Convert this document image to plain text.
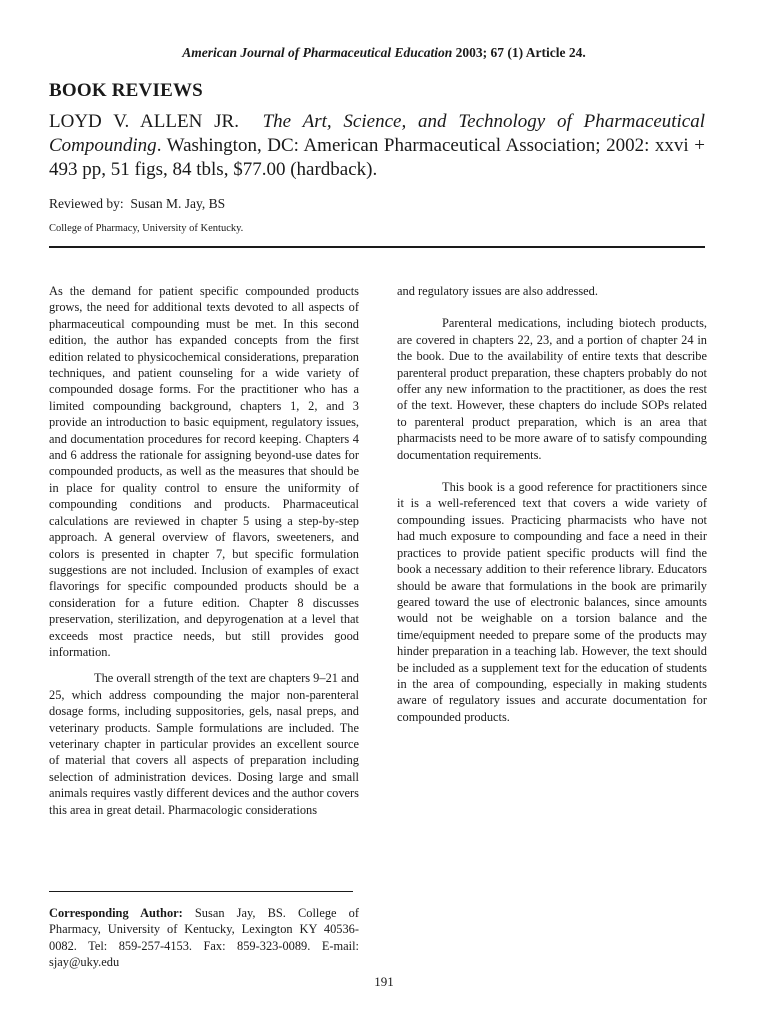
American Journal of Pharmaceutical Education 2003; 67 (1) Article 24.
BOOK REVIEWS
LOYD V. ALLEN JR. The Art, Science, and Technology of Pharmaceutical Compounding. Washington, DC: American Pharmaceutical Association; 2002: xxvi + 493 pp, 51 figs, 84 tbls, $77.00 (hardback).
Reviewed by: Susan M. Jay, BS
College of Pharmacy, University of Kentucky.

As the demand for patient specific compounded products grows, the need for additional texts devoted to all aspects of pharmaceutical compounding must be met. In this second edition, the author has expanded concepts from the first edition related to physicochemical considerations, preparation techniques, and patient counseling for a wide variety of compounded dosage forms. For the practitioner who has a limited compounding background, chapters 1, 2, and 3 provide an introduction to basic equipment, regulatory issues, and documentation procedures for record keeping. Chapters 4 and 6 address the rationale for assigning beyond-use dates for compounded products, as well as the measures that should be in place for quality control to ensure the uniformity of compounding conditions and products. Pharmaceutical calculations are reviewed in chapter 5 using a step-by-step approach. A general overview of flavors, sweeteners, and colors is presented in chapter 7, but specific formulation suggestions are not included. Inclusion of examples of exact flavorings for specific compounded products should be a consideration for a future edition. Chapter 8 discusses preservation, sterilization, and depyrogenation at a level that exceeds most practice needs, but still provides good information.

The overall strength of the text are chapters 9–21 and 25, which address compounding the major non-parenteral dosage forms, including suppositories, gels, nasal preps, and veterinary products. Sample formulations are included. The veterinary chapter in particular provides an excellent source of material that covers all aspects of preparation including selection of administration devices. Dosing large and small animals requires vastly different devices and the author covers this area in great detail. Pharmacologic considerations

and regulatory issues are also addressed.

Parenteral medications, including biotech products, are covered in chapters 22, 23, and a portion of chapter 24 in the book. Due to the availability of entire texts that describe parenteral product preparation, these chapters probably do not offer any new information to the practitioner, as does the rest of the text. However, these chapters do include SOPs related to parenteral product preparation, which is an area that pharmacists need to be more aware of to satisfy compounding documentation requirements.

This book is a good reference for practitioners since it is a well-referenced text that covers a wide variety of compounding issues. Practicing pharmacists who have not had much exposure to compounding and face a need in their practices to provide patient specific products will find the book a necessary addition to their reference library. Educators should be aware that formulations in the book are primarily geared toward the use of electronic balances, since amounts would not be weighable on a torsion balance and the time/equipment needed to prepare some of the products may hinder preparation in a teaching lab. However, the text should be included as a supplement text for the education of students in the area of compounding, especially in making students aware of regulatory issues and accurate documentation for compounded products.

Corresponding Author: Susan Jay, BS. College of Pharmacy, University of Kentucky, Lexington KY 40536-0082. Tel: 859-257-4153. Fax: 859-323-0089. E-mail: sjay@uky.edu
191
